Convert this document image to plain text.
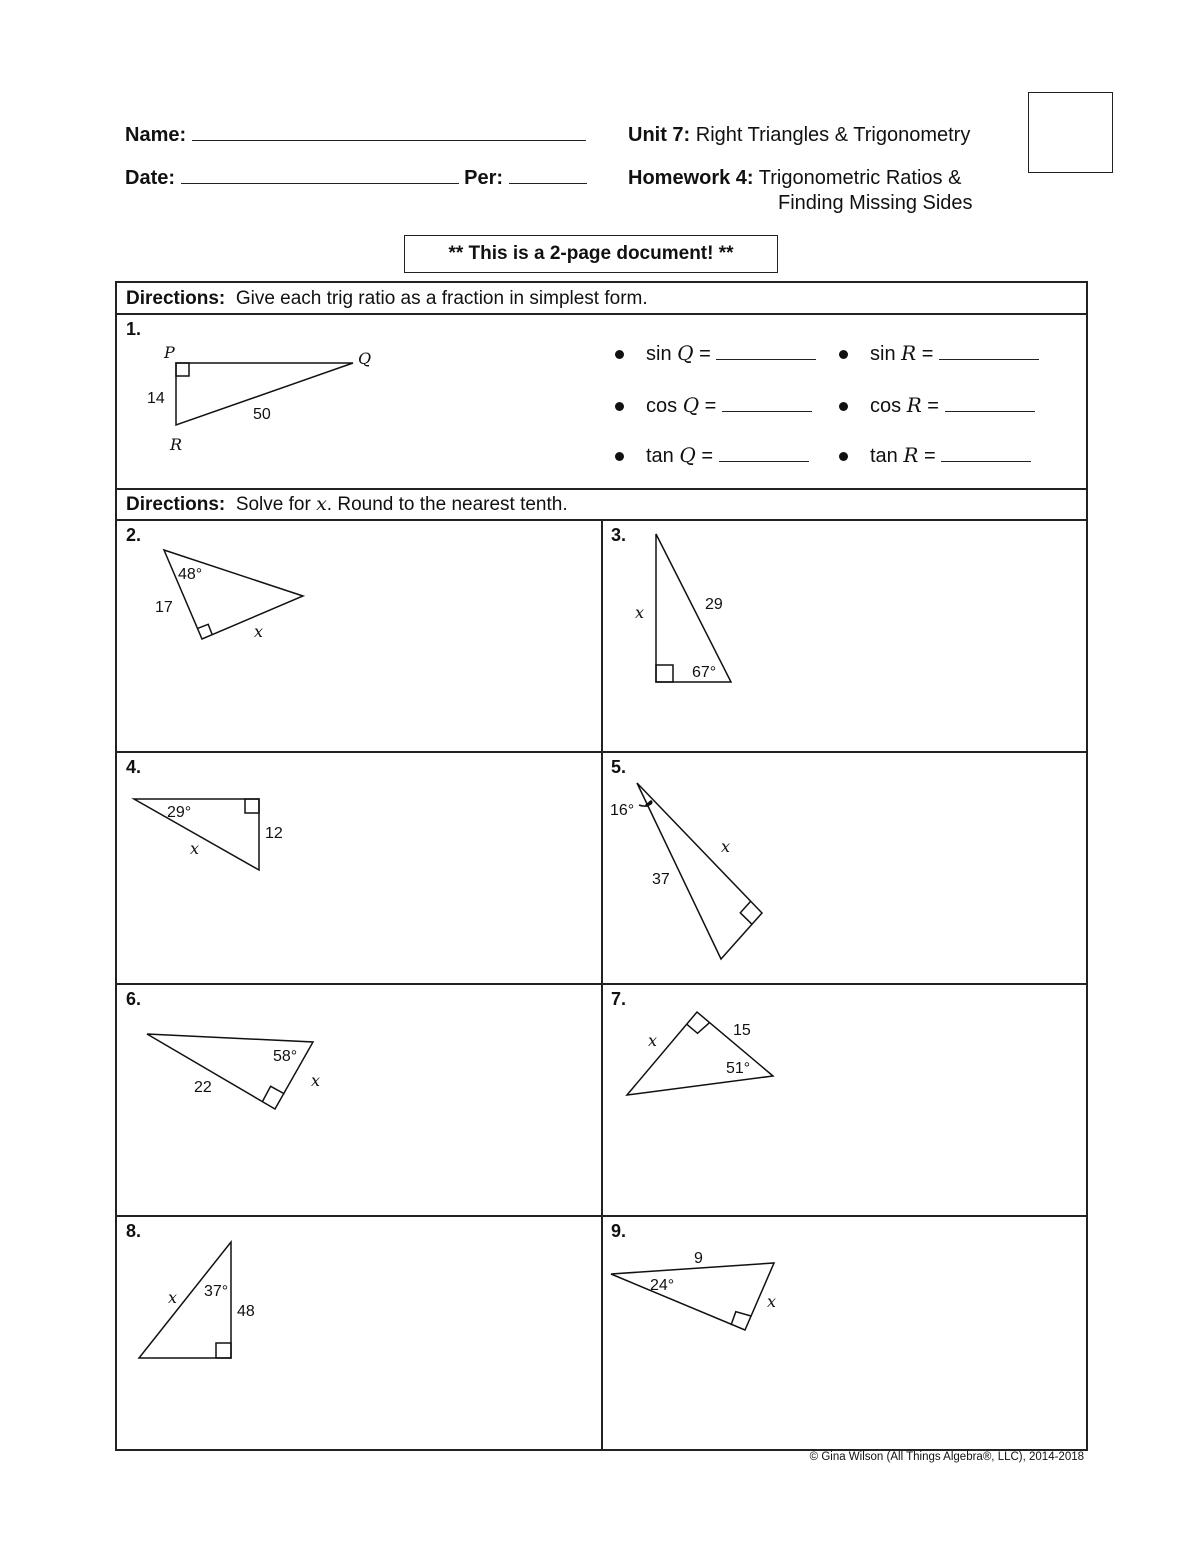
Name:
Date:	Per:
Unit 7: Right Triangles & Trigonometry
Homework 4: Trigonometric Ratios &
Finding Missing Sides
** This is a 2-page document! **
Directions: Give each trig ratio as a fraction in simplest form.
1.
P	Q
R
14
50
sin Q =	sin R =
cos Q =	cos R =
tan Q =	tan R =
Directions: Solve for x. Round to the nearest tenth.
2.
48°
17
x
3.
29
x
67°
4.
29°
12
x
5.
16°
37
x
6.
58°
22	x
7.
15
x
51°
8.
37°
48
x
9.
9
24°
x
© Gina Wilson (All Things Algebra®, LLC), 2014-2018
